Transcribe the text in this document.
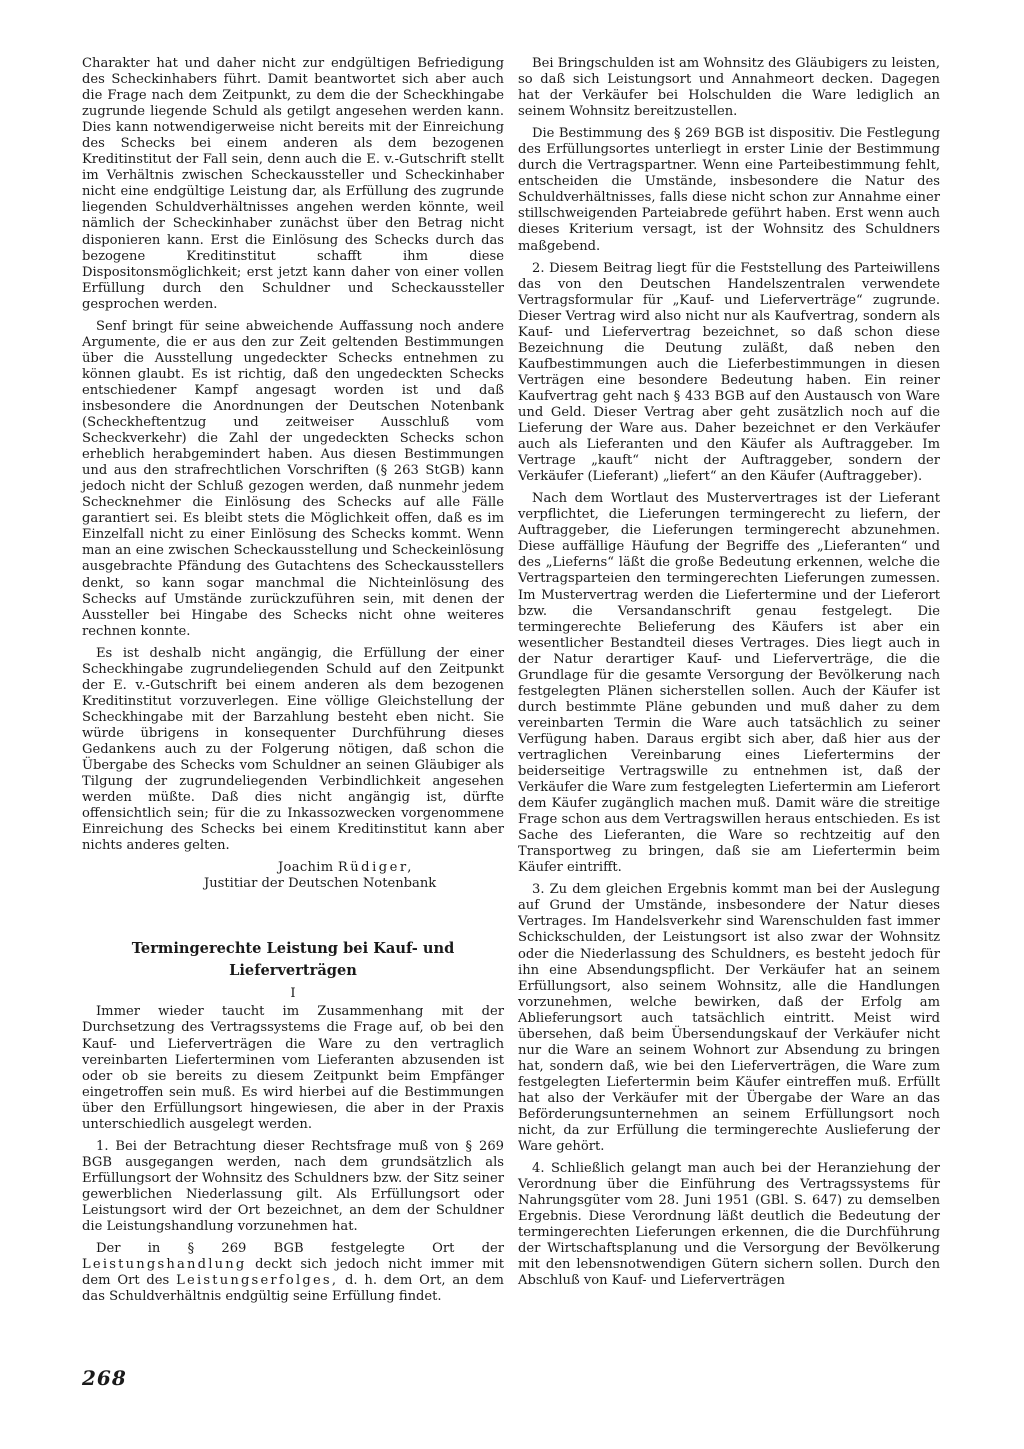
Charakter hat und daher nicht zur endgültigen Befriedigung des Scheckinhabers führt. Damit beantwortet sich aber auch die Frage nach dem Zeitpunkt, zu dem die der Scheckhingabe zugrunde liegende Schuld als getilgt angesehen werden kann. Dies kann notwendigerweise nicht bereits mit der Einreichung des Schecks bei einem anderen als dem bezogenen Kreditinstitut der Fall sein, denn auch die E. v.-Gutschrift stellt im Verhältnis zwischen Scheckaussteller und Scheckinhaber nicht eine endgültige Leistung dar, als Erfüllung des zugrunde liegenden Schuldverhältnisses angehen werden könnte, weil nämlich der Scheckinhaber zunächst über den Betrag nicht disponieren kann. Erst die Einlösung des Schecks durch das bezogene Kreditinstitut schafft ihm diese Dispositonsmöglichkeit; erst jetzt kann daher von einer vollen Erfüllung durch den Schuldner und Scheckaussteller gesprochen werden.

Senf bringt für seine abweichende Auffassung noch andere Argumente, die er aus den zur Zeit geltenden Bestimmungen über die Ausstellung ungedeckter Schecks entnehmen zu können glaubt. Es ist richtig, daß den ungedeckten Schecks entschiedener Kampf angesagt worden ist und daß insbesondere die Anordnungen der Deutschen Notenbank (Scheckheftentzug und zeitweiser Ausschluß vom Scheckverkehr) die Zahl der ungedeckten Schecks schon erheblich herabgemindert haben. Aus diesen Bestimmungen und aus den strafrechtlichen Vorschriften (§ 263 StGB) kann jedoch nicht der Schluß gezogen werden, daß nunmehr jedem Schecknehmer die Einlösung des Schecks auf alle Fälle garantiert sei. Es bleibt stets die Möglichkeit offen, daß es im Einzelfall nicht zu einer Einlösung des Schecks kommt. Wenn man an eine zwischen Scheckausstellung und Scheckeinlösung ausgebrachte Pfändung des Gutachtens des Scheckausstellers denkt, so kann sogar manchmal die Nichteinlösung des Schecks auf Umstände zurückzuführen sein, mit denen der Aussteller bei Hingabe des Schecks nicht ohne weiteres rechnen konnte.

Es ist deshalb nicht angängig, die Erfüllung der einer Scheckhingabe zugrundeliegenden Schuld auf den Zeitpunkt der E. v.-Gutschrift bei einem anderen als dem bezogenen Kreditinstitut vorzuverlegen. Eine völlige Gleichstellung der Scheckhingabe mit der Barzahlung besteht eben nicht. Sie würde übrigens in konsequenter Durchführung dieses Gedankens auch zu der Folgerung nötigen, daß schon die Übergabe des Schecks vom Schuldner an seinen Gläubiger als Tilgung der zugrundeliegenden Verbindlichkeit angesehen werden müßte. Daß dies nicht angängig ist, dürfte offensichtlich sein; für die zu Inkassozwecken vorgenommene Einreichung des Schecks bei einem Kreditinstitut kann aber nichts anderes gelten.

Joachim Rüdiger,
Justitiar der Deutschen Notenbank
Termingerechte Leistung bei Kauf- und Lieferverträgen
I

Immer wieder taucht im Zusammenhang mit der Durchsetzung des Vertragssystems die Frage auf, ob bei den Kauf- und Lieferverträgen die Ware zu den vertraglich vereinbarten Lieferterminen vom Lieferanten abzusenden ist oder ob sie bereits zu diesem Zeitpunkt beim Empfänger eingetroffen sein muß. Es wird hierbei auf die Bestimmungen über den Erfüllungsort hingewiesen, die aber in der Praxis unterschiedlich ausgelegt werden.

1. Bei der Betrachtung dieser Rechtsfrage muß von § 269 BGB ausgegangen werden, nach dem grundsätzlich als Erfüllungsort der Wohnsitz des Schuldners bzw. der Sitz seiner gewerblichen Niederlassung gilt. Als Erfüllungsort oder Leistungsort wird der Ort bezeichnet, an dem der Schuldner die Leistungshandlung vorzunehmen hat.

Der in § 269 BGB festgelegte Ort der Leistungshandlung deckt sich jedoch nicht immer mit dem Ort des Leistungserfolges, d. h. dem Ort, an dem das Schuldverhältnis endgültig seine Erfüllung findet.

Bei Bringschulden ist am Wohnsitz des Gläubigers zu leisten, so daß sich Leistungsort und Annahmeort decken. Dagegen hat der Verkäufer bei Holschulden die Ware lediglich an seinem Wohnsitz bereitzustellen.

Die Bestimmung des § 269 BGB ist dispositiv. Die Festlegung des Erfüllungsortes unterliegt in erster Linie der Bestimmung durch die Vertragspartner. Wenn eine Parteibestimmung fehlt, entscheiden die Umstände, insbesondere die Natur des Schuldverhältnisses, falls diese nicht schon zur Annahme einer stillschweigenden Parteiabrede geführt haben. Erst wenn auch dieses Kriterium versagt, ist der Wohnsitz des Schuldners maßgebend.

2. Diesem Beitrag liegt für die Feststellung des Parteiwillens das von den Deutschen Handelszentralen verwendete Vertragsformular für „Kauf- und Lieferverträge“ zugrunde. Dieser Vertrag wird also nicht nur als Kaufvertrag, sondern als Kauf- und Liefervertrag bezeichnet, so daß schon diese Bezeichnung die Deutung zuläßt, daß neben den Kaufbestimmungen auch die Lieferbestimmungen in diesen Verträgen eine besondere Bedeutung haben. Ein reiner Kaufvertrag geht nach § 433 BGB auf den Austausch von Ware und Geld. Dieser Vertrag aber geht zusätzlich noch auf die Lieferung der Ware aus. Daher bezeichnet er den Verkäufer auch als Lieferanten und den Käufer als Auftraggeber. Im Vertrage „kauft“ nicht der Auftraggeber, sondern der Verkäufer (Lieferant) „liefert“ an den Käufer (Auftraggeber).

Nach dem Wortlaut des Mustervertrages ist der Lieferant verpflichtet, die Lieferungen termingerecht zu liefern, der Auftraggeber, die Lieferungen termingerecht abzunehmen. Diese auffällige Häufung der Begriffe des „Lieferanten“ und des „Lieferns“ läßt die große Bedeutung erkennen, welche die Vertragsparteien den termingerechten Lieferungen zumessen. Im Mustervertrag werden die Liefertermine und der Lieferort bzw. die Versandanschrift genau festgelegt. Die termingerechte Belieferung des Käufers ist aber ein wesentlicher Bestandteil dieses Vertrages. Dies liegt auch in der Natur derartiger Kauf- und Lieferverträge, die die Grundlage für die gesamte Versorgung der Bevölkerung nach festgelegten Plänen sicherstellen sollen. Auch der Käufer ist durch bestimmte Pläne gebunden und muß daher zu dem vereinbarten Termin die Ware auch tatsächlich zu seiner Verfügung haben. Daraus ergibt sich aber, daß hier aus der vertraglichen Vereinbarung eines Liefertermins der beiderseitige Vertragswille zu entnehmen ist, daß der Verkäufer die Ware zum festgelegten Liefertermin am Lieferort dem Käufer zugänglich machen muß. Damit wäre die streitige Frage schon aus dem Vertragswillen heraus entschieden. Es ist Sache des Lieferanten, die Ware so rechtzeitig auf den Transportweg zu bringen, daß sie am Liefertermin beim Käufer eintrifft.

3. Zu dem gleichen Ergebnis kommt man bei der Auslegung auf Grund der Umstände, insbesondere der Natur dieses Vertrages. Im Handelsverkehr sind Warenschulden fast immer Schickschulden, der Leistungsort ist also zwar der Wohnsitz oder die Niederlassung des Schuldners, es besteht jedoch für ihn eine Absendungspflicht. Der Verkäufer hat an seinem Erfüllungsort, also seinem Wohnsitz, alle die Handlungen vorzunehmen, welche bewirken, daß der Erfolg am Ablieferungsort auch tatsächlich eintritt. Meist wird übersehen, daß beim Übersendungskauf der Verkäufer nicht nur die Ware an seinem Wohnort zur Absendung zu bringen hat, sondern daß, wie bei den Lieferverträgen, die Ware zum festgelegten Liefertermin beim Käufer eintreffen muß. Erfüllt hat also der Verkäufer mit der Übergabe der Ware an das Beförderungsunternehmen an seinem Erfüllungsort noch nicht, da zur Erfüllung die termingerechte Auslieferung der Ware gehört.

4. Schließlich gelangt man auch bei der Heranziehung der Verordnung über die Einführung des Vertragssystems für Nahrungsgüter vom 28. Juni 1951 (GBl. S. 647) zu demselben Ergebnis. Diese Verordnung läßt deutlich die Bedeutung der termingerechten Lieferungen erkennen, die die Durchführung der Wirtschaftsplanung und die Versorgung der Bevölkerung mit den lebensnotwendigen Gütern sichern sollen. Durch den Abschluß von Kauf- und Lieferverträgen

268
